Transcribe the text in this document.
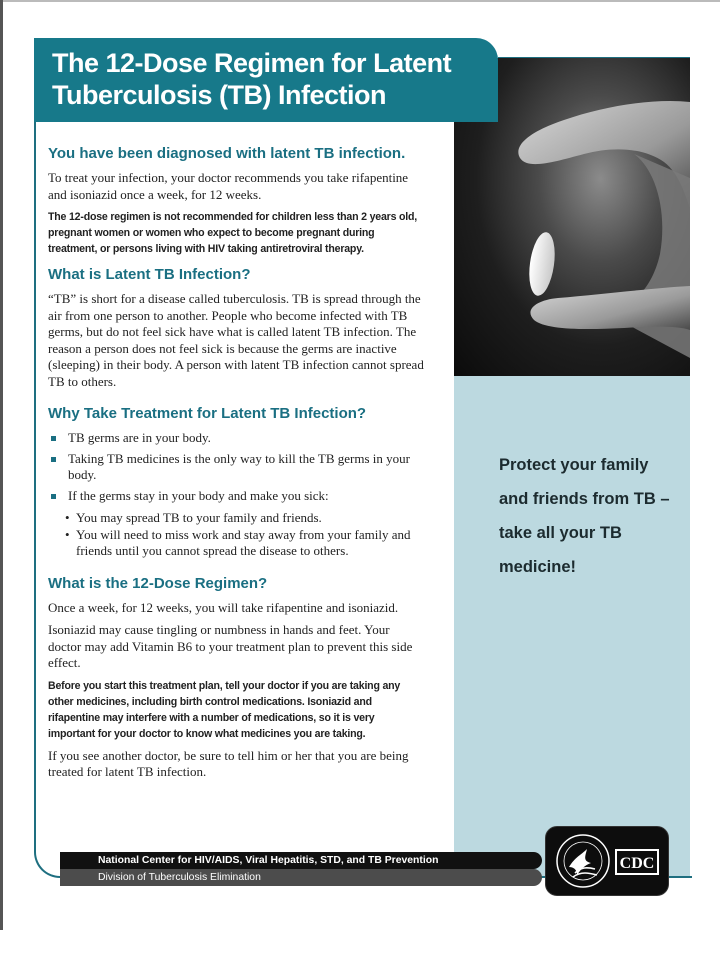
Protect your family and friends from TB – take all your TB medicine!

The 12-Dose Regimen for Latent
Tuberculosis (TB) Infection
You have been diagnosed with latent TB infection.

To treat your infection, your doctor recommends you take rifapentine and isoniazid once a week, for 12 weeks.

The 12-dose regimen is not recommended for children less than 2 years old, pregnant women or women who expect to become pregnant during treatment, or persons living with HIV taking antiretroviral therapy.

What is Latent TB Infection?

“TB” is short for a disease called tuberculosis. TB is spread through the air from one person to another. People who become infected with TB germs, but do not feel sick have what is called latent TB infection. The reason a person does not feel sick is because the germs are inactive (sleeping) in their body. A person with latent TB infection cannot spread TB to others.

Why Take Treatment for Latent TB Infection?
TB germs are in your body.
Taking TB medicines is the only way to kill the TB germs in your body.
If the germs stay in your body and make you sick:
• You may spread TB to your family and friends.
• You will need to miss work and stay away from your family and friends until you cannot spread the disease to others.
What is the 12-Dose Regimen?

Once a week, for 12 weeks, you will take rifapentine and isoniazid.

Isoniazid may cause tingling or numbness in hands and feet. Your doctor may add Vitamin B6 to your treatment plan to prevent this side effect.

Before you start this treatment plan, tell your doctor if you are taking any other medicines, including birth control medications. Isoniazid and rifapentine may interfere with a number of medications, so it is very important for your doctor to know what medicines you are taking.

If you see another doctor, be sure to tell him or her that you are being treated for latent TB infection.

National Center for HIV/AIDS, Viral Hepatitis, STD, and TB Prevention
Division of Tuberculosis Elimination
CDC
